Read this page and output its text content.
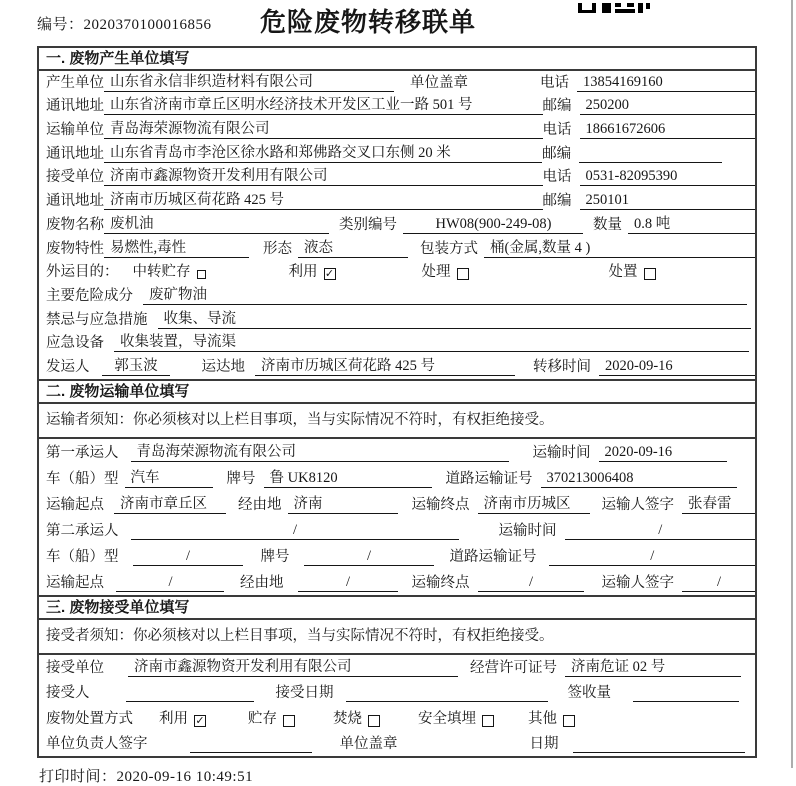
编号：2020370100016856	危险废物转移联单
一. 废物产生单位填写
产生单位 山东省永信非织造材料有限公司	单位盖章	电话 13854169160
通讯地址 山东省济南市章丘区明水经济技术开发区工业一路 501 号	邮编 250200
运输单位 青岛海荣源物流有限公司	电话 18661672606
通讯地址 山东省青岛市李沧区徐水路和郑佛路交叉口东侧 20 米	邮编
接受单位 济南市鑫源物资开发利用有限公司	电话 0531-82095390
通讯地址 济南市历城区荷花路 425 号	邮编 250101
废物名称 废机油	类别编号	HW08(900-249-08)	数量 0.8 吨
废物特性 易燃性,毒性	形态 液态	包装方式 桶(金属,数量 4 )
外运目的： 中转贮存	利用 ✓	处理	处置
主要危险成分	废矿物油
禁忌与应急措施	收集、导流
应急设备	收集装置，导流渠
发运人	郭玉波	运达地	济南市历城区荷花路 425 号	转移时间 2020-09-16
二. 废物运输单位填写
运输者须知：你必须核对以上栏目事项，当与实际情况不符时，有权拒绝接受。
第一承运人	青岛海荣源物流有限公司	运输时间 2020-09-16
车（船）型 汽车	牌号 鲁 UK8120	道路运输证号 370213006408
运输起点	济南市章丘区	经由地 济南	运输终点 济南市历城区	运输人签字 张春雷
第二承运人	/	运输时间	/
车（船）型	/	牌号	/	道路运输证号	/
运输起点	/	经由地	/	运输终点	/	运输人签字	/
三. 废物接受单位填写
接受者须知：你必须核对以上栏目事项，当与实际情况不符时，有权拒绝接受。
接受单位	济南市鑫源物资开发利用有限公司	经营许可证号 济南危证 02 号
接受人	接受日期	签收量
废物处置方式 利用 ✓	贮存	焚烧	安全填埋	其他
单位负责人签字	单位盖章	日期
打印时间：2020-09-16 10:49:51
